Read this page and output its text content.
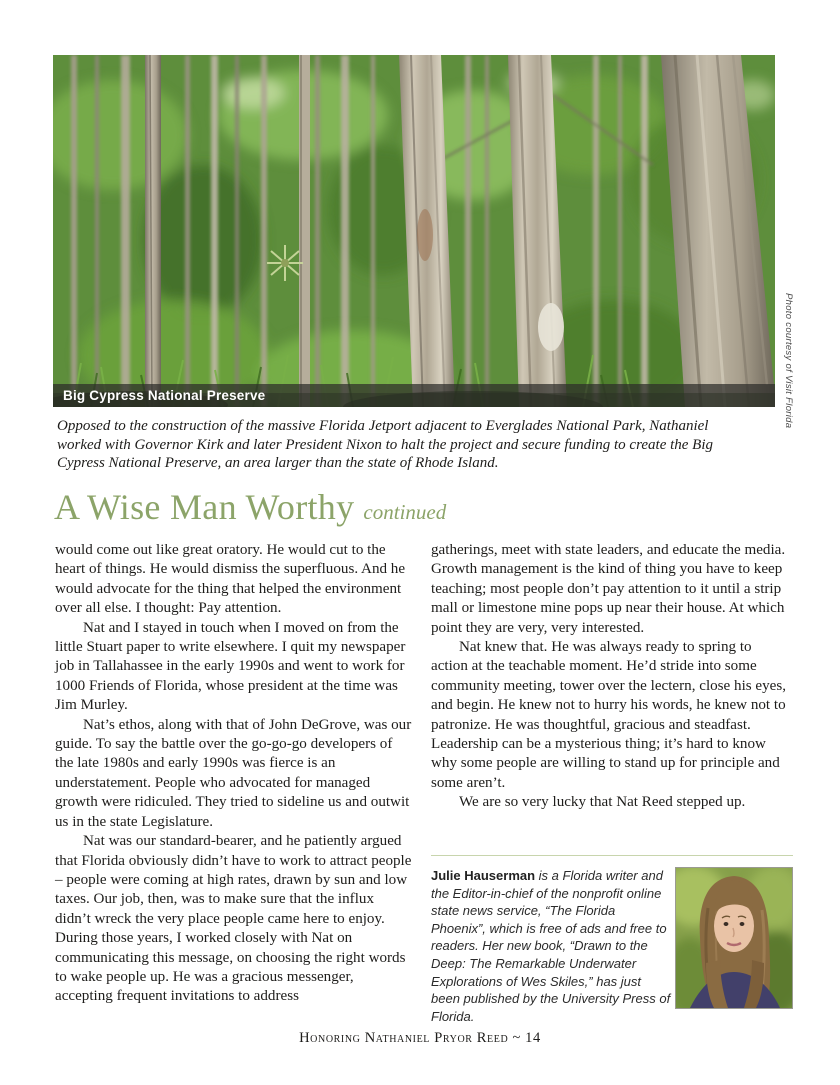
Big Cypress National Preserve	Photo courtesy of Visit Florida
Opposed to the construction of the massive Florida Jetport adjacent to Everglades National Park, Nathaniel worked with Governor Kirk and later President Nixon to halt the project and secure funding to create the Big Cypress National Preserve, an area larger than the state of Rhode Island.
A Wise Man Worthy continued

would come out like great oratory. He would cut to the heart of things. He would dismiss the superfluous. And he would advocate for the thing that helped the environment over all else. I thought: Pay attention.

Nat and I stayed in touch when I moved on from the little Stuart paper to write elsewhere. I quit my newspaper job in Tallahassee in the early 1990s and went to work for 1000 Friends of Florida, whose president at the time was Jim Murley.

Nat’s ethos, along with that of John DeGrove, was our guide. To say the battle over the go-go-go developers of the late 1980s and early 1990s was fierce is an understatement. People who advocated for managed growth were ridiculed. They tried to sideline us and outwit us in the state Legislature.

Nat was our standard-bearer, and he patiently argued that Florida obviously didn’t have to work to attract people – people were coming at high rates, drawn by sun and low taxes. Our job, then, was to make sure that the influx didn’t wreck the very place people came here to enjoy. During those years, I worked closely with Nat on communicating this message, on choosing the right words to wake people up. He was a gracious messenger, accepting frequent invitations to address

gatherings, meet with state leaders, and educate the media. Growth management is the kind of thing you have to keep teaching; most people don’t pay attention to it until a strip mall or limestone mine pops up near their house. At which point they are very, very interested.

Nat knew that. He was always ready to spring to action at the teachable moment. He’d stride into some community meeting, tower over the lectern, close his eyes, and begin. He knew not to hurry his words, he knew not to patronize. He was thoughtful, gracious and steadfast. Leadership can be a mysterious thing; it’s hard to know why some people are willing to stand up for principle and some aren’t.

We are so very lucky that Nat Reed stepped up.

Julie Hauserman is a Florida writer and the Editor-in-chief of the nonprofit online state news service, “The Florida Phoenix”, which is free of ads and free to readers. Her new book, “Drawn to the Deep: The Remarkable Underwater Explorations of Wes Skiles,” has just been published by the University Press of Florida.
Honoring Nathaniel Pryor Reed ~ 14
